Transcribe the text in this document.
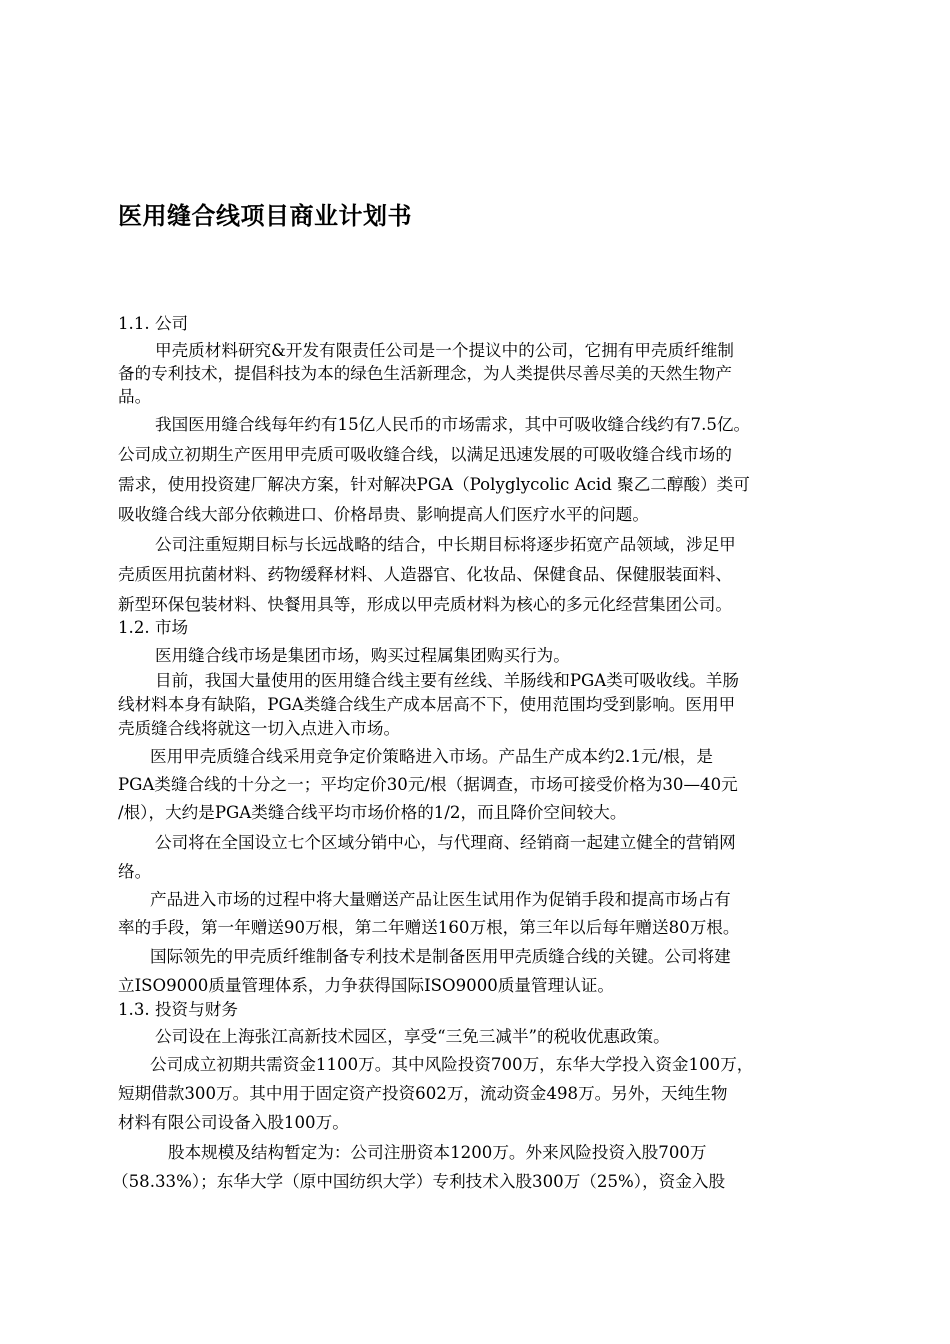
医用缝合线项目商业计划书
1.1. 公司
甲壳质材料研究&开发有限责任公司是一个提议中的公司，它拥有甲壳质纤维制
备的专利技术，提倡科技为本的绿色生活新理念，为人类提供尽善尽美的天然生物产
品。
我国医用缝合线每年约有15亿人民币的市场需求，其中可吸收缝合线约有7.5亿。
公司成立初期生产医用甲壳质可吸收缝合线，以满足迅速发展的可吸收缝合线市场的
需求，使用投资建厂解决方案，针对解决PGA（Polyglycolic Acid 聚乙二醇酸）类可
吸收缝合线大部分依赖进口、价格昂贵、影响提高人们医疗水平的问题。
公司注重短期目标与长远战略的结合，中长期目标将逐步拓宽产品领域，涉足甲
壳质医用抗菌材料、药物缓释材料、人造器官、化妆品、保健食品、保健服装面料、
新型环保包装材料、快餐用具等，形成以甲壳质材料为核心的多元化经营集团公司。
1.2. 市场
医用缝合线市场是集团市场，购买过程属集团购买行为。
目前，我国大量使用的医用缝合线主要有丝线、羊肠线和PGA类可吸收线。羊肠
线材料本身有缺陷，PGA类缝合线生产成本居高不下，使用范围均受到影响。医用甲
壳质缝合线将就这一切入点进入市场。
医用甲壳质缝合线采用竞争定价策略进入市场。产品生产成本约2.1元/根，是
PGA类缝合线的十分之一；平均定价30元/根（据调查，市场可接受价格为30—40元
/根），大约是PGA类缝合线平均市场价格的1/2，而且降价空间较大。
公司将在全国设立七个区域分销中心，与代理商、经销商一起建立健全的营销网
络。
产品进入市场的过程中将大量赠送产品让医生试用作为促销手段和提高市场占有
率的手段，第一年赠送90万根，第二年赠送160万根，第三年以后每年赠送80万根。
国际领先的甲壳质纤维制备专利技术是制备医用甲壳质缝合线的关键。公司将建
立ISO9000质量管理体系，力争获得国际ISO9000质量管理认证。
1.3. 投资与财务
公司设在上海张江高新技术园区，享受“三免三减半”的税收优惠政策。
公司成立初期共需资金1100万。其中风险投资700万，东华大学投入资金100万，
短期借款300万。其中用于固定资产投资602万，流动资金498万。另外，天纯生物
材料有限公司设备入股100万。
股本规模及结构暂定为：公司注册资本1200万。外来风险投资入股700万
（58.33%）；东华大学（原中国纺织大学）专利技术入股300万（25%），资金入股
